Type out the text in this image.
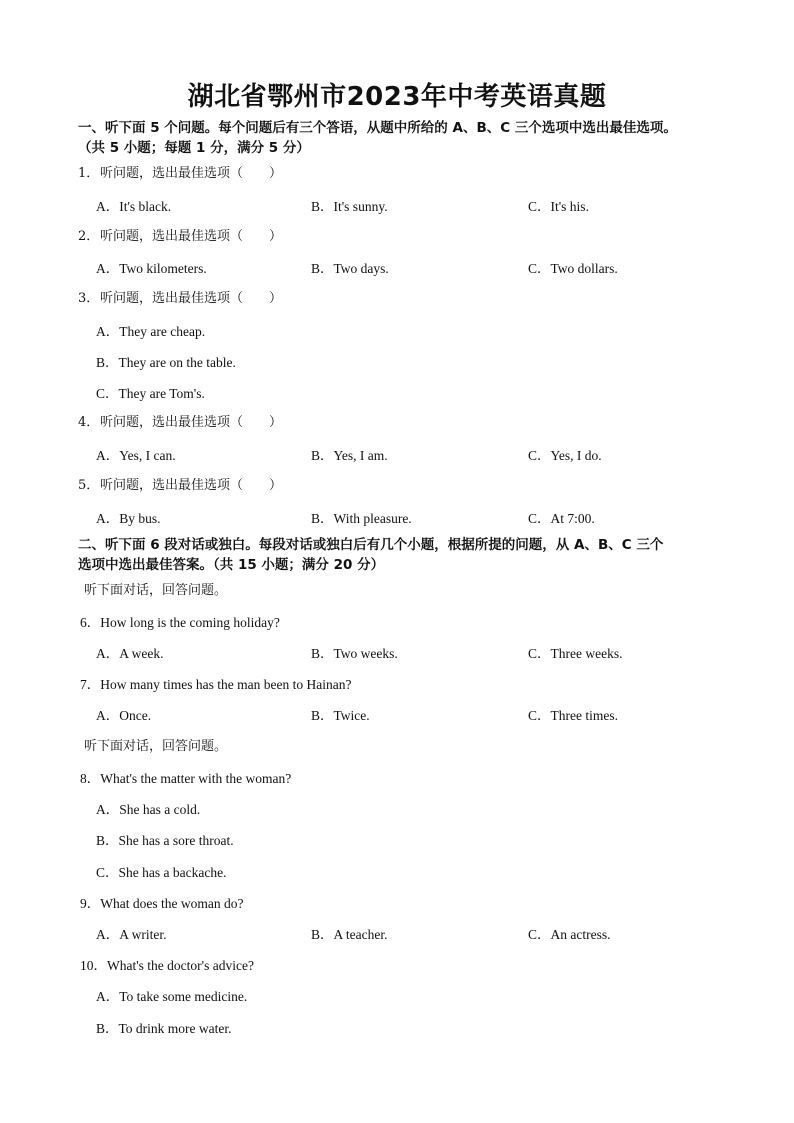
湖北省鄂州市2023年中考英语真题
一、听下面 5 个问题。每个问题后有三个答语，从题中所给的 A、B、C 三个选项中选出最佳选项。
（共 5 小题；每题 1 分，满分 5 分）
1．听问题，选出最佳选项（　　）
A．It's black.	B．It's sunny.	C．It's his.
2．听问题，选出最佳选项（　　）
A．Two kilometers.	B．Two days.	C．Two dollars.
3．听问题，选出最佳选项（　　）
A．They are cheap.
B．They are on the table.
C．They are Tom's.
4．听问题，选出最佳选项（　　）
A．Yes, I can.	B．Yes, I am.	C．Yes, I do.
5．听问题，选出最佳选项（　　）
A．By bus.	B．With pleasure.	C．At 7:00.
二、听下面 6 段对话或独白。每段对话或独白后有几个小题，根据所提的问题，从 A、B、C 三个
选项中选出最佳答案。（共 15 小题；满分 20 分）
听下面对话，回答问题。
6．How long is the coming holiday?
A．A week.	B．Two weeks.	C．Three weeks.
7．How many times has the man been to Hainan?
A．Once.	B．Twice.	C．Three times.
听下面对话，回答问题。
8．What's the matter with the woman?
A．She has a cold.
B．She has a sore throat.
C．She has a backache.
9．What does the woman do?
A．A writer.	B．A teacher.	C．An actress.
10．What's the doctor's advice?
A．To take some medicine.
B．To drink more water.
